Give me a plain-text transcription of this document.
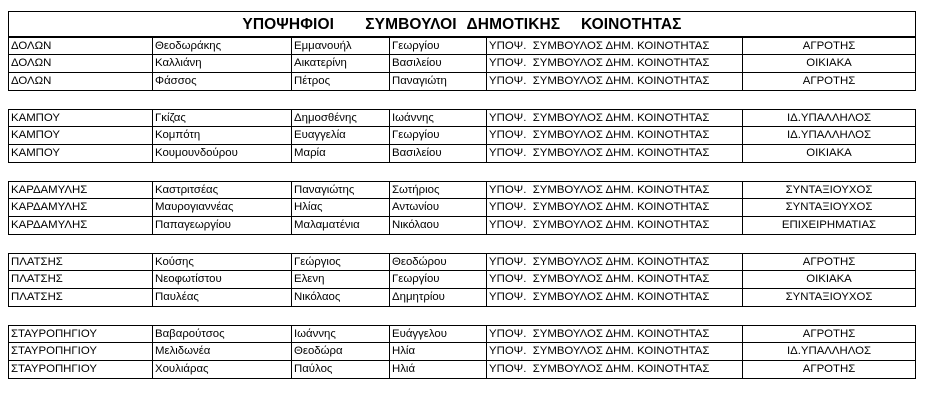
ΥΠΟΨΗΦΙΟΙ   ΣΥΜΒΟΥΛΟΙ ΔΗΜΟΤΙΚΗΣ  ΚΟΙΝΟΤΗΤΑΣ
ΔΟΛΩΝ	Θεοδωράκης	Εμμανουήλ	Γεωργίου	ΥΠΟΨ.  ΣΥΜΒΟΥΛΟΣ ΔΗΜ. ΚΟΙΝΟΤΗΤΑΣ	ΑΓΡΟΤΗΣ
ΔΟΛΩΝ	Καλλιάνη	Αικατερίνη	Βασιλείου	ΥΠΟΨ.  ΣΥΜΒΟΥΛΟΣ ΔΗΜ. ΚΟΙΝΟΤΗΤΑΣ	ΟΙΚΙΑΚΑ
ΔΟΛΩΝ	Φάσσος	Πέτρος	Παναγιώτη	ΥΠΟΨ.  ΣΥΜΒΟΥΛΟΣ ΔΗΜ. ΚΟΙΝΟΤΗΤΑΣ	ΑΓΡΟΤΗΣ
ΚΑΜΠΟΥ	Γκίζας	Δημοσθένης	Ιωάννης	ΥΠΟΨ.  ΣΥΜΒΟΥΛΟΣ ΔΗΜ. ΚΟΙΝΟΤΗΤΑΣ	ΙΔ.ΥΠΑΛΛΗΛΟΣ
ΚΑΜΠΟΥ	Κομπότη	Ευαγγελία	Γεωργίου	ΥΠΟΨ.  ΣΥΜΒΟΥΛΟΣ ΔΗΜ. ΚΟΙΝΟΤΗΤΑΣ	ΙΔ.ΥΠΑΛΛΗΛΟΣ
ΚΑΜΠΟΥ	Κουμουνδούρου	Μαρία	Βασιλείου	ΥΠΟΨ.  ΣΥΜΒΟΥΛΟΣ ΔΗΜ. ΚΟΙΝΟΤΗΤΑΣ	ΟΙΚΙΑΚΑ
ΚΑΡΔΑΜΥΛΗΣ	Καστριτσέας	Παναγιώτης	Σωτήριος	ΥΠΟΨ.  ΣΥΜΒΟΥΛΟΣ ΔΗΜ. ΚΟΙΝΟΤΗΤΑΣ	ΣΥΝΤΑΞΙΟΥΧΟΣ
ΚΑΡΔΑΜΥΛΗΣ	Μαυρογιαννέας	Ηλίας	Αντωνίου	ΥΠΟΨ.  ΣΥΜΒΟΥΛΟΣ ΔΗΜ. ΚΟΙΝΟΤΗΤΑΣ	ΣΥΝΤΑΞΙΟΥΧΟΣ
ΚΑΡΔΑΜΥΛΗΣ	Παπαγεωργίου	Μαλαματένια	Νικόλαου	ΥΠΟΨ.  ΣΥΜΒΟΥΛΟΣ ΔΗΜ. ΚΟΙΝΟΤΗΤΑΣ	ΕΠΙΧΕΙΡΗΜΑΤΙΑΣ
ΠΛΑΤΣΗΣ	Κούσης	Γεώργιος	Θεοδώρου	ΥΠΟΨ.  ΣΥΜΒΟΥΛΟΣ ΔΗΜ. ΚΟΙΝΟΤΗΤΑΣ	ΑΓΡΟΤΗΣ
ΠΛΑΤΣΗΣ	Νεοφωτίστου	Ελενη	Γεωργίου	ΥΠΟΨ.  ΣΥΜΒΟΥΛΟΣ ΔΗΜ. ΚΟΙΝΟΤΗΤΑΣ	ΟΙΚΙΑΚΑ
ΠΛΑΤΣΗΣ	Παυλέας	Νικόλαος	Δημητρίου	ΥΠΟΨ.  ΣΥΜΒΟΥΛΟΣ ΔΗΜ. ΚΟΙΝΟΤΗΤΑΣ	ΣΥΝΤΑΞΙΟΥΧΟΣ
ΣΤΑΥΡΟΠΗΓΙΟΥ	Βαβαρούτσος	Ιωάννης	Ευάγγελου	ΥΠΟΨ.  ΣΥΜΒΟΥΛΟΣ ΔΗΜ. ΚΟΙΝΟΤΗΤΑΣ	ΑΓΡΟΤΗΣ
ΣΤΑΥΡΟΠΗΓΙΟΥ	Μελιδωνέα	Θεοδώρα	Ηλία	ΥΠΟΨ.  ΣΥΜΒΟΥΛΟΣ ΔΗΜ. ΚΟΙΝΟΤΗΤΑΣ	ΙΔ.ΥΠΑΛΛΗΛΟΣ
ΣΤΑΥΡΟΠΗΓΙΟΥ	Χουλιάρας	Παύλος	Ηλιά	ΥΠΟΨ.  ΣΥΜΒΟΥΛΟΣ ΔΗΜ. ΚΟΙΝΟΤΗΤΑΣ	ΑΓΡΟΤΗΣ
